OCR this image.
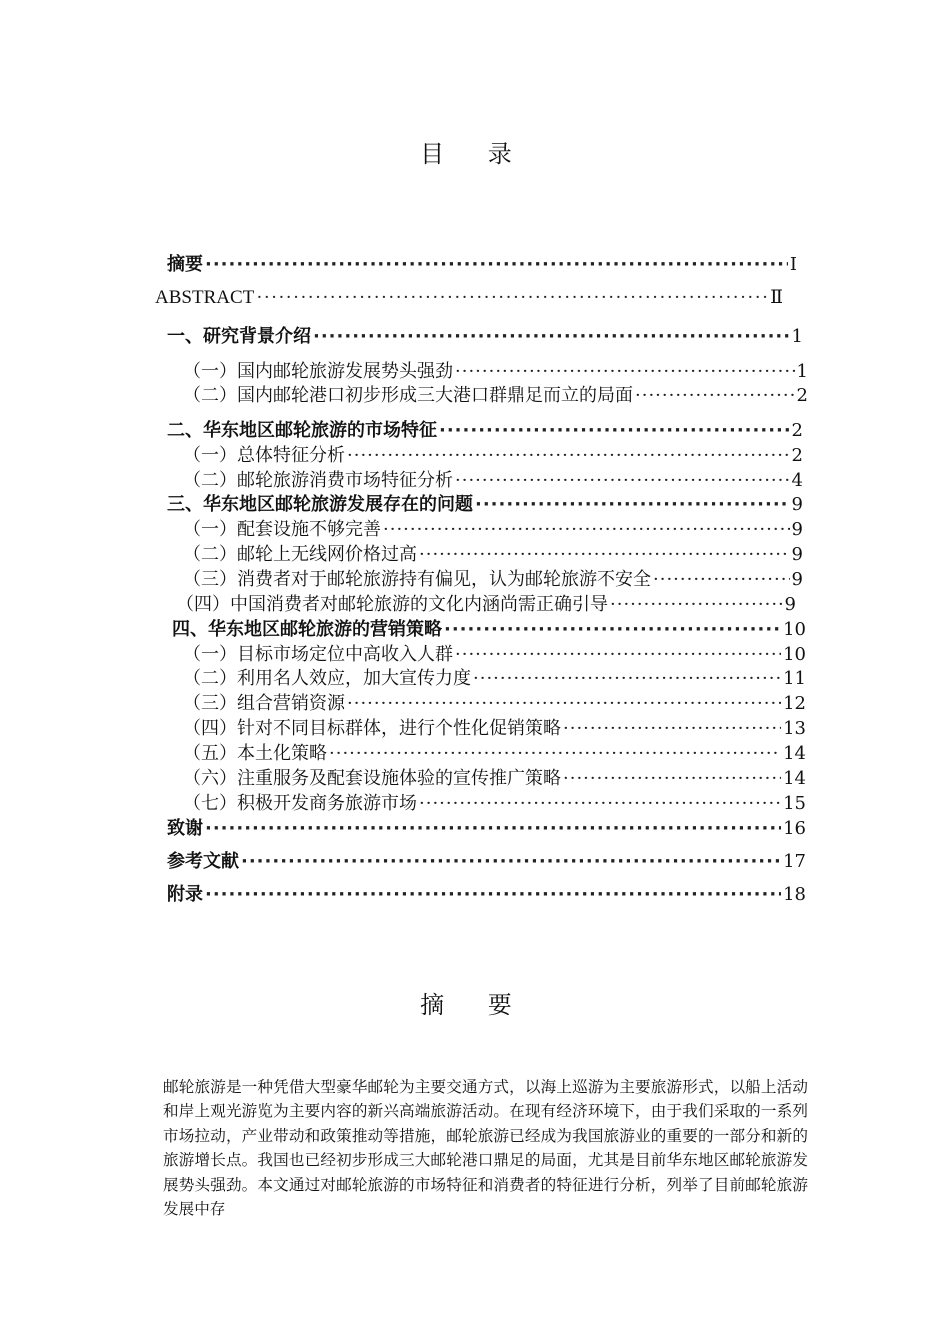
目 录
摘要 ·····	Ⅰ
ABSTRACT ·····	Ⅱ
一、研究背景介绍 ·····	1
（一）国内邮轮旅游发展势头强劲 ·····	1
（二）国内邮轮港口初步形成三大港口群鼎足而立的局面 ·····	2
二、华东地区邮轮旅游的市场特征 ·····	2
（一）总体特征分析 ·····	2
（二）邮轮旅游消费市场特征分析 ·····	4
三、华东地区邮轮旅游发展存在的问题 ·····	9
（一）配套设施不够完善 ·····	9
（二）邮轮上无线网价格过高 ·····	9
（三）消费者对于邮轮旅游持有偏见，认为邮轮旅游不安全 ·····	9
（四）中国消费者对邮轮旅游的文化内涵尚需正确引导 ·····	9
四、华东地区邮轮旅游的营销策略 ·····	10
（一）目标市场定位中高收入人群 ·····	10
（二）利用名人效应，加大宣传力度 ·····	11
（三）组合营销资源 ·····	12
（四）针对不同目标群体，进行个性化促销策略 ·····	13
（五）本土化策略 ·····	14
（六）注重服务及配套设施体验的宣传推广策略 ·····	14
（七）积极开发商务旅游市场 ·····	15
致谢 ·····	16
参考文献 ·····	17
附录 ·····	18
摘 要

邮轮旅游是一种凭借大型豪华邮轮为主要交通方式，以海上巡游为主要旅游形式，以船上活动和岸上观光游览为主要内容的新兴高端旅游活动。在现有经济环境下，由于我们采取的一系列市场拉动，产业带动和政策推动等措施，邮轮旅游已经成为我国旅游业的重要的一部分和新的旅游增长点。我国也已经初步形成三大邮轮港口鼎足的局面，尤其是目前华东地区邮轮旅游发展势头强劲。本文通过对邮轮旅游的市场特征和消费者的特征进行分析，列举了目前邮轮旅游发展中存
